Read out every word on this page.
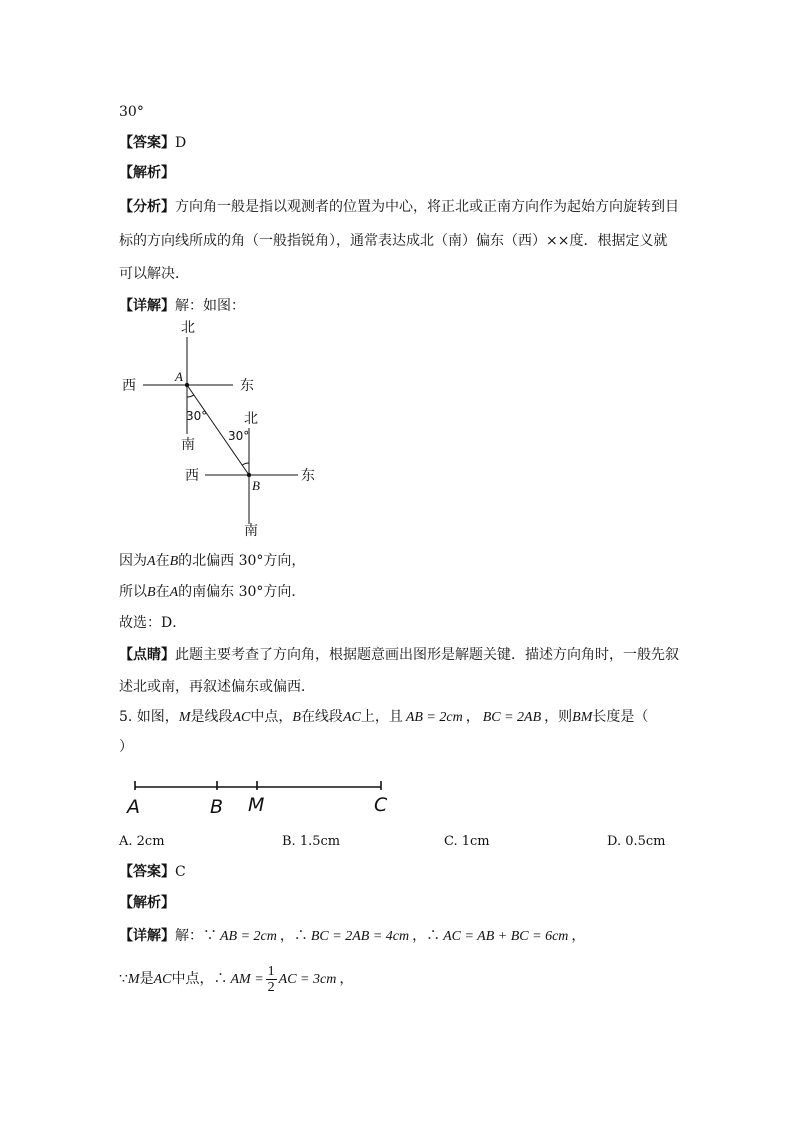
30°
【答案】D
【解析】
【分析】方向角一般是指以观测者的位置为中心，将正北或正南方向作为起始方向旋转到目
标的方向线所成的角（一般指锐角），通常表达成北（南）偏东（西）××度．根据定义就
可以解决．
【详解】解：如图：
北
南
西	东
北
南
西	东
30°
30°
A
B
因为A在B的北偏西 30°方向，
所以B在A的南偏东 30°方向．
故选：D．
【点睛】此题主要考查了方向角，根据题意画出图形是解题关键．描述方向角时，一般先叙
述北或南，再叙述偏东或偏西．
5. 如图，M是线段AC中点，B在线段AC上，且 AB = 2cm ， BC = 2AB ，则BM长度是（
）
A	B M	C
A. 2cm	B. 1.5cm	C. 1cm	D. 0.5cm
【答案】C
【解析】
【详解】解：∵ AB = 2cm ，∴ BC = 2AB = 4cm ，∴ AC = AB + BC = 6cm ，
∵M是AC中点，∴ AM = $\frac{1}{2}$ AC = 3cm ，
